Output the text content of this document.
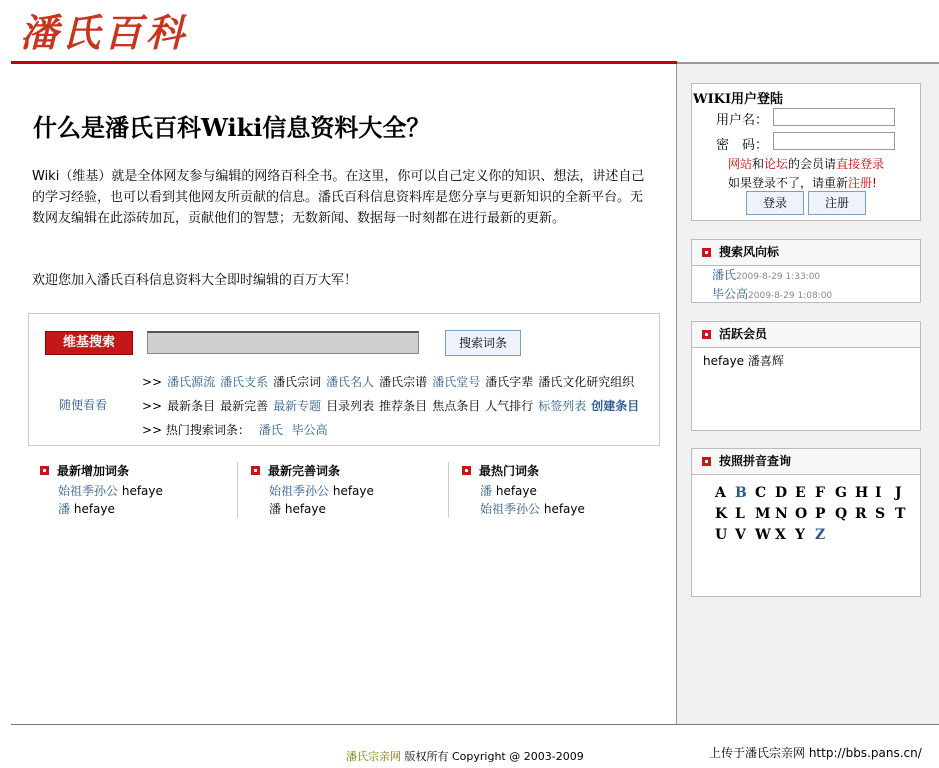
潘氏百科
什么是潘氏百科Wiki信息资料大全？

Wiki（维基）就是全体网友参与编辑的网络百科全书。在这里，你可以自己定义你的知识、想法，讲述自己的学习经验，也可以看到其他网友所贡献的信息。潘氏百科信息资料库是您分享与更新知识的全新平台。无数网友编辑在此添砖加瓦，贡献他们的智慧；无数新闻、数据每一时刻都在进行最新的更新。

欢迎您加入潘氏百科信息资料大全即时编辑的百万大军！
维基搜索	搜索词条
随便看看
>> 潘氏源流 潘氏支系 潘氏宗词 潘氏名人 潘氏宗谱 潘氏堂号 潘氏字辈 潘氏文化研究组织
>> 最新条目 最新完善 最新专题 目录列表 推荐条目 焦点条目 人气排行 标签列表 创建条目
>> 热门搜索词条： 潘氏 毕公高
最新增加词条
始祖季孙公 hefaye
潘 hefaye
最新完善词条
始祖季孙公 hefaye
潘 hefaye
最热门词条
潘 hefaye
始祖季孙公 hefaye
WIKI用户登陆
用户名：
密　码：
网站和论坛的会员请直接登录
如果登录不了，请重新注册!
登录	注册
搜索风向标
潘氏2009-8-29 1:33:00
毕公高2009-8-29 1:08:00
活跃会员
hefaye 潘喜辉
按照拼音查询
A B C D E F G H I J
K L M N O P Q R S T
U V W X Y Z
潘氏宗亲网 版权所有 Copyright @ 2003-2009	上传于潘氏宗亲网 http://bbs.pans.cn/
